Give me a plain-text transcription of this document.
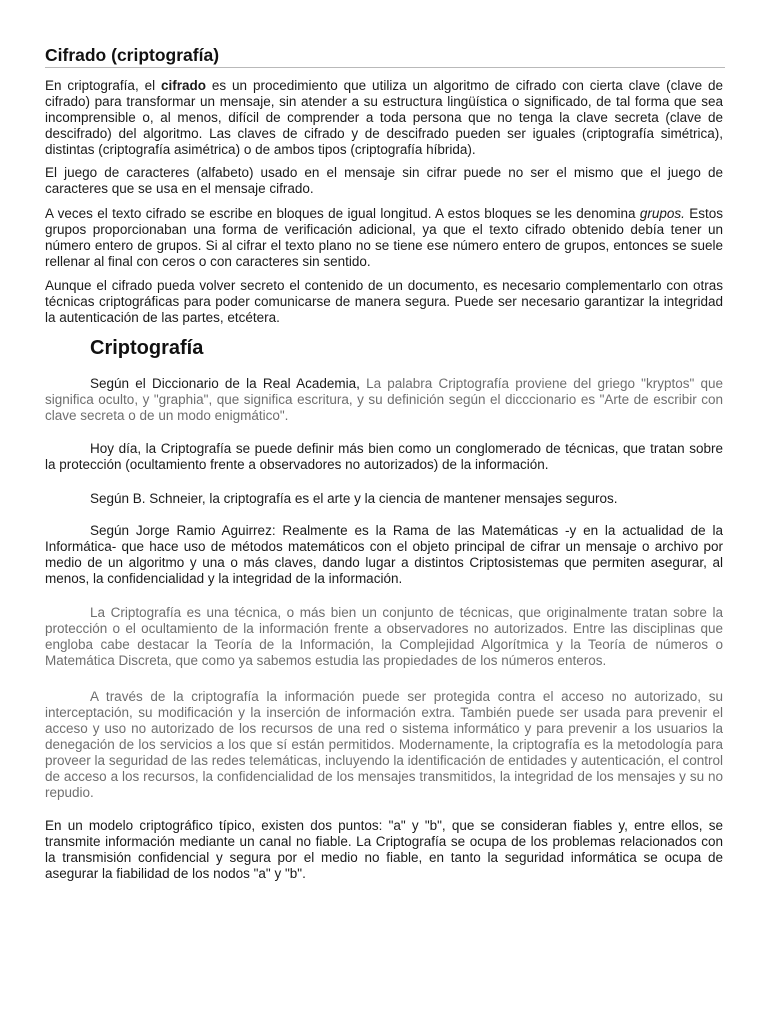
Cifrado (criptografía)
En criptografía, el cifrado es un procedimiento que utiliza un algoritmo de cifrado con cierta clave (clave de cifrado) para transformar un mensaje, sin atender a su estructura lingüística o significado, de tal forma que sea incomprensible o, al menos, difícil de comprender a toda persona que no tenga la clave secreta (clave de descifrado) del algoritmo. Las claves de cifrado y de descifrado pueden ser iguales (criptografía simétrica), distintas (criptografía asimétrica) o de ambos tipos (criptografía híbrida).
El juego de caracteres (alfabeto) usado en el mensaje sin cifrar puede no ser el mismo que el juego de caracteres que se usa en el mensaje cifrado.
A veces el texto cifrado se escribe en bloques de igual longitud. A estos bloques se les denomina grupos. Estos grupos proporcionaban una forma de verificación adicional, ya que el texto cifrado obtenido debía tener un número entero de grupos. Si al cifrar el texto plano no se tiene ese número entero de grupos, entonces se suele rellenar al final con ceros o con caracteres sin sentido.
Aunque el cifrado pueda volver secreto el contenido de un documento, es necesario complementarlo con otras técnicas criptográficas para poder comunicarse de manera segura. Puede ser necesario garantizar la integridad la autenticación de las partes, etcétera.
Criptografía
Según el Diccionario de la Real Academia, La palabra Criptografía proviene del griego "kryptos" que significa oculto, y "graphia", que significa escritura, y su definición según el dicccionario es "Arte de escribir con clave secreta o de un modo enigmático".
Hoy día, la Criptografía se puede definir más bien como un conglomerado de técnicas, que tratan sobre la protección (ocultamiento frente a observadores no autorizados) de la información.
Según B. Schneier, la criptografía es el arte y la ciencia de mantener mensajes seguros.
Según Jorge Ramio Aguirrez: Realmente es la Rama de las Matemáticas -y en la actualidad de la Informática- que hace uso de métodos matemáticos con el objeto principal de cifrar un mensaje o archivo por medio de un algoritmo y una o más claves, dando lugar a distintos Criptosistemas que permiten asegurar, al menos, la confidencialidad y la integridad de la información.
La Criptografía es una técnica, o más bien un conjunto de técnicas, que originalmente tratan sobre la protección o el ocultamiento de la información frente a observadores no autorizados. Entre las disciplinas que engloba cabe destacar la Teoría de la Información, la Complejidad Algorítmica y la Teoría de números o Matemática Discreta, que como ya sabemos estudia las propiedades de los números enteros.
A través de la criptografía la información puede ser protegida contra el acceso no autorizado, su interceptación, su modificación y la inserción de información extra. También puede ser usada para prevenir el acceso y uso no autorizado de los recursos de una red o sistema informático y para prevenir a los usuarios la denegación de los servicios a los que sí están permitidos. Modernamente, la criptografía es la metodología para proveer la seguridad de las redes telemáticas, incluyendo la identificación de entidades y autenticación, el control de acceso a los recursos, la confidencialidad de los mensajes transmitidos, la integridad de los mensajes y su no repudio.
En un modelo criptográfico típico, existen dos puntos: "a" y "b", que se consideran fiables y, entre ellos, se transmite información mediante un canal no fiable. La Criptografía se ocupa de los problemas relacionados con la transmisión confidencial y segura por el medio no fiable, en tanto la seguridad informática se ocupa de asegurar la fiabilidad de los nodos "a" y "b".
